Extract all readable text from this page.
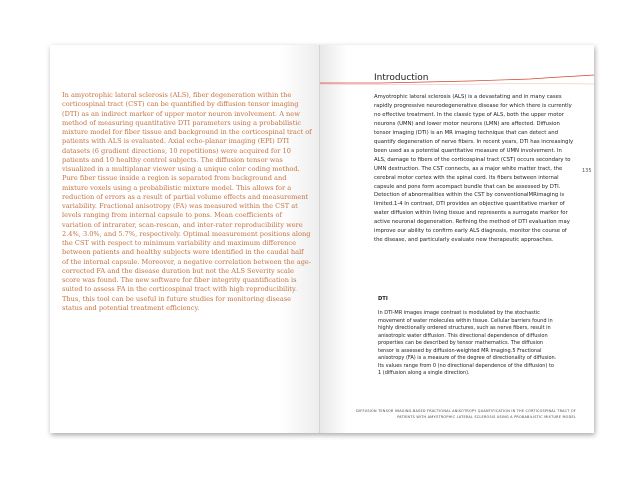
In amyotrophic lateral sclerosis (ALS), fiber degeneration within the corticospinal tract (CST) can be quantified by diffusion tensor imaging (DTI) as an indirect marker of upper motor neuron involvement. A new method of measuring quantitative DTI parameters using a probabilistic mixture model for fiber tissue and background in the corticospinal tract of patients with ALS is evaluated. Axial echo-planar imaging (EPI) DTI datasets (6 gradient directions, 10 repetitions) were acquired for 10 patients and 10 healthy control subjects. The diffusion tensor was visualized in a multiplanar viewer using a unique color coding method. Pure fiber tissue inside a region is separated from background and mixture voxels using a probabilistic mixture model. This allows for a reduction of errors as a result of partial volume effects and measurement variability. Fractional anisotropy (FA) was measured within the CST at levels ranging from internal capsule to pons. Mean coefficients of variation of intrarater, scan-rescan, and inter-rater reproducibility were 2.4%, 3.0%, and 5.7%, respectively. Optimal measurement positions along the CST with respect to minimum variability and maximum difference between patients and healthy subjects were identified in the caudal half of the internal capsule. Moreover, a negative correlation between the age-corrected FA and the disease duration but not the ALS Severity scale score was found. The new software for fiber integrity quantification is suited to assess FA in the corticospinal tract with high reproducibility. Thus, this tool can be useful in future studies for monitoring disease status and potential treatment efficiency.

Introduction

Amyotrophic lateral sclerosis (ALS) is a devastating and in many cases rapidly progressive neurodegenerative disease for which there is currently no effective treatment. In the classic type of ALS, both the upper motor neurons (UMN) and lower motor neurons (LMN) are affected. Diffusion tensor imaging (DTI) is an MR imaging technique that can detect and quantify degeneration of nerve fibers. In recent years, DTI has increasingly been used as a potential quantitative measure of UMN involvement. In ALS, damage to fibers of the corticospinal tract (CST) occurs secondary to UMN destruction. The CST connects, as a major white matter tract, the cerebral motor cortex with the spinal cord. Its fibers between internal capsule and pons form acompact bundle that can be assessed by DTI. Detection of abnormalities within the CST by conventionalMRimaging is limited.1-4 In contrast, DTI provides an objective quantitative marker of water diffusion within living tissue and represents a surrogate marker for active neuronal degeneration. Refining the method of DTI evaluation may improve our ability to confirm early ALS diagnosis, monitor the course of the disease, and particularly evaluate new therapeutic approaches.

135
DTI

In DTI-MR images image contrast is modulated by the stochastic movement of water molecules within tissue. Cellular barriers found in highly directionally ordered structures, such as nerve fibers, result in anisotropic water diffusion. This directional dependence of diffusion properties can be described by tensor mathematics. The diffusion tensor is assessed by diffusion-weighted MR imaging.5 Fractional anisotropy (FA) is a measure of the degree of directionality of diffusion. Its values range from 0 (no directional dependence of the diffusion) to 1 (diffusion along a single direction).

DIFFUSION TENSOR IMAGING-BASED FRACTIONAL ANISOTROPY QUANTIFICATION IN THE CORTICOSPINAL TRACT OF
PATIENTS WITH AMYOTROPHIC LATERAL SCLEROSIS USING A PROBABILISTIC MIXTURE MODEL
